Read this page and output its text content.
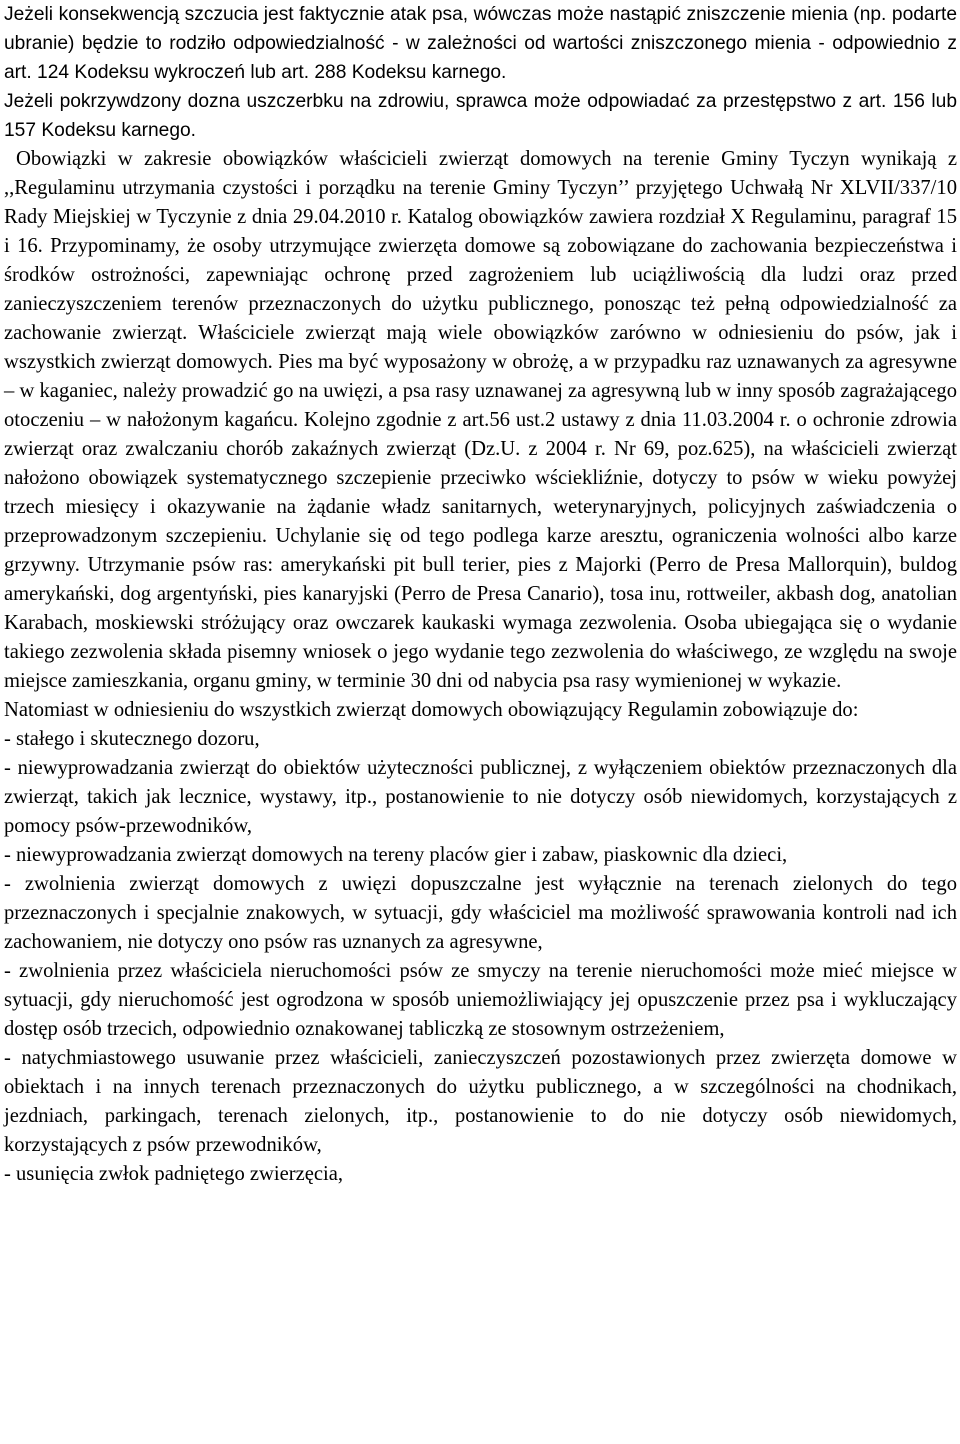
Jeżeli konsekwencją szczucia jest faktycznie atak psa, wówczas może nastąpić zniszczenie mienia (np. podarte ubranie) będzie to rodziło odpowiedzialność - w zależności od wartości zniszczonego mienia - odpowiednio z art. 124 Kodeksu wykroczeń lub art. 288 Kodeksu karnego.

Jeżeli pokrzywdzony dozna uszczerbku na zdrowiu, sprawca może odpowiadać za przestępstwo z art. 156 lub 157 Kodeksu karnego.

Obowiązki w zakresie obowiązków właścicieli zwierząt domowych na terenie Gminy Tyczyn wynikają z ,,Regulaminu utrzymania czystości i porządku na terenie Gminy Tyczyn’’ przyjętego Uchwałą Nr XLVII/337/10 Rady Miejskiej w Tyczynie z dnia 29.04.2010 r. Katalog obowiązków zawiera rozdział X Regulaminu, paragraf 15 i 16. Przypominamy, że osoby utrzymujące zwierzęta domowe są zobowiązane do zachowania bezpieczeństwa i środków ostrożności, zapewniając ochronę przed zagrożeniem lub uciążliwością dla ludzi oraz przed zanieczyszczeniem terenów przeznaczonych do użytku publicznego, ponosząc też pełną odpowiedzialność za zachowanie zwierząt. Właściciele zwierząt mają wiele obowiązków zarówno w odniesieniu do psów, jak i wszystkich zwierząt domowych. Pies ma być wyposażony w obrożę, a w przypadku raz uznawanych za agresywne – w kaganiec, należy prowadzić go na uwięzi, a psa rasy uznawanej za agresywną lub w inny sposób zagrażającego otoczeniu – w nałożonym kagańcu. Kolejno zgodnie z art.56 ust.2 ustawy z dnia 11.03.2004 r. o ochronie zdrowia zwierząt oraz zwalczaniu chorób zakaźnych zwierząt (Dz.U. z 2004 r. Nr 69, poz.625), na właścicieli zwierząt nałożono obowiązek systematycznego szczepienie przeciwko wściekliźnie, dotyczy to psów w wieku powyżej trzech miesięcy i okazywanie na żądanie władz sanitarnych, weterynaryjnych, policyjnych zaświadczenia o przeprowadzonym szczepieniu. Uchylanie się od tego podlega karze aresztu, ograniczenia wolności albo karze grzywny. Utrzymanie psów ras: amerykański pit bull terier, pies z Majorki (Perro de Presa Mallorquin), buldog amerykański, dog argentyński, pies kanaryjski (Perro de Presa Canario), tosa inu, rottweiler, akbash dog, anatolian Karabach, moskiewski stróżujący oraz owczarek kaukaski wymaga zezwolenia. Osoba ubiegająca się o wydanie takiego zezwolenia składa pisemny wniosek o jego wydanie tego zezwolenia do właściwego, ze względu na swoje miejsce zamieszkania, organu gminy, w terminie 30 dni od nabycia psa rasy wymienionej w wykazie.

Natomiast w odniesieniu do wszystkich zwierząt domowych obowiązujący Regulamin zobowiązuje do:

- stałego i skutecznego dozoru,

- niewyprowadzania zwierząt do obiektów użyteczności publicznej, z wyłączeniem obiektów przeznaczonych dla zwierząt, takich jak lecznice, wystawy, itp., postanowienie to nie dotyczy osób niewidomych, korzystających z pomocy psów-przewodników,

- niewyprowadzania zwierząt domowych na tereny placów gier i zabaw, piaskownic dla dzieci,

- zwolnienia zwierząt domowych z uwięzi dopuszczalne jest wyłącznie na terenach zielonych do tego przeznaczonych i specjalnie znakowych, w sytuacji, gdy właściciel ma możliwość sprawowania kontroli nad ich zachowaniem, nie dotyczy ono psów ras uznanych za agresywne,

- zwolnienia przez właściciela nieruchomości psów ze smyczy na terenie nieruchomości może mieć miejsce w sytuacji, gdy nieruchomość jest ogrodzona w sposób uniemożliwiający jej opuszczenie przez psa i wykluczający dostęp osób trzecich, odpowiednio oznakowanej tabliczką ze stosownym ostrzeżeniem,

- natychmiastowego usuwanie przez właścicieli, zanieczyszczeń pozostawionych przez zwierzęta domowe w obiektach i na innych terenach przeznaczonych do użytku publicznego, a w szczególności na chodnikach, jezdniach, parkingach, terenach zielonych, itp., postanowienie to do nie dotyczy osób niewidomych, korzystających z psów przewodników,

- usunięcia zwłok padniętego zwierzęcia,
